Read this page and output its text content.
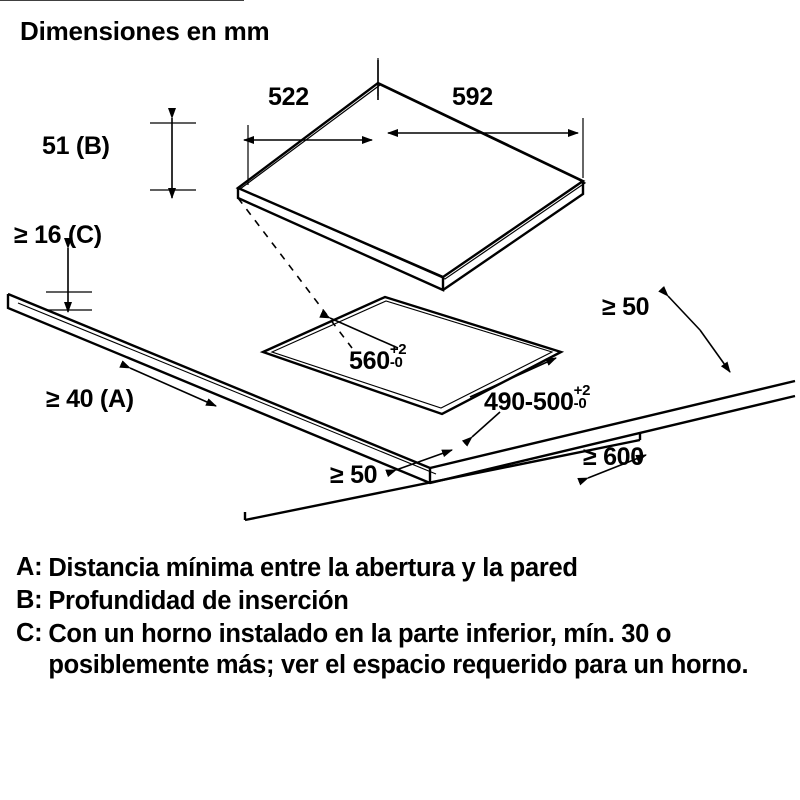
Dimensiones en mm
522	592
51 (B)
≥ 16 (C)
560 +2
-0
490-500 +2
-0
≥ 50
≥ 40 (A)
≥ 50
≥ 600
A: Distancia mínima entre la abertura y la pared
B: Profundidad de inserción
C: Con un horno instalado en la parte inferior, mín. 30 o posiblemente más; ver el espacio requerido para un horno.
